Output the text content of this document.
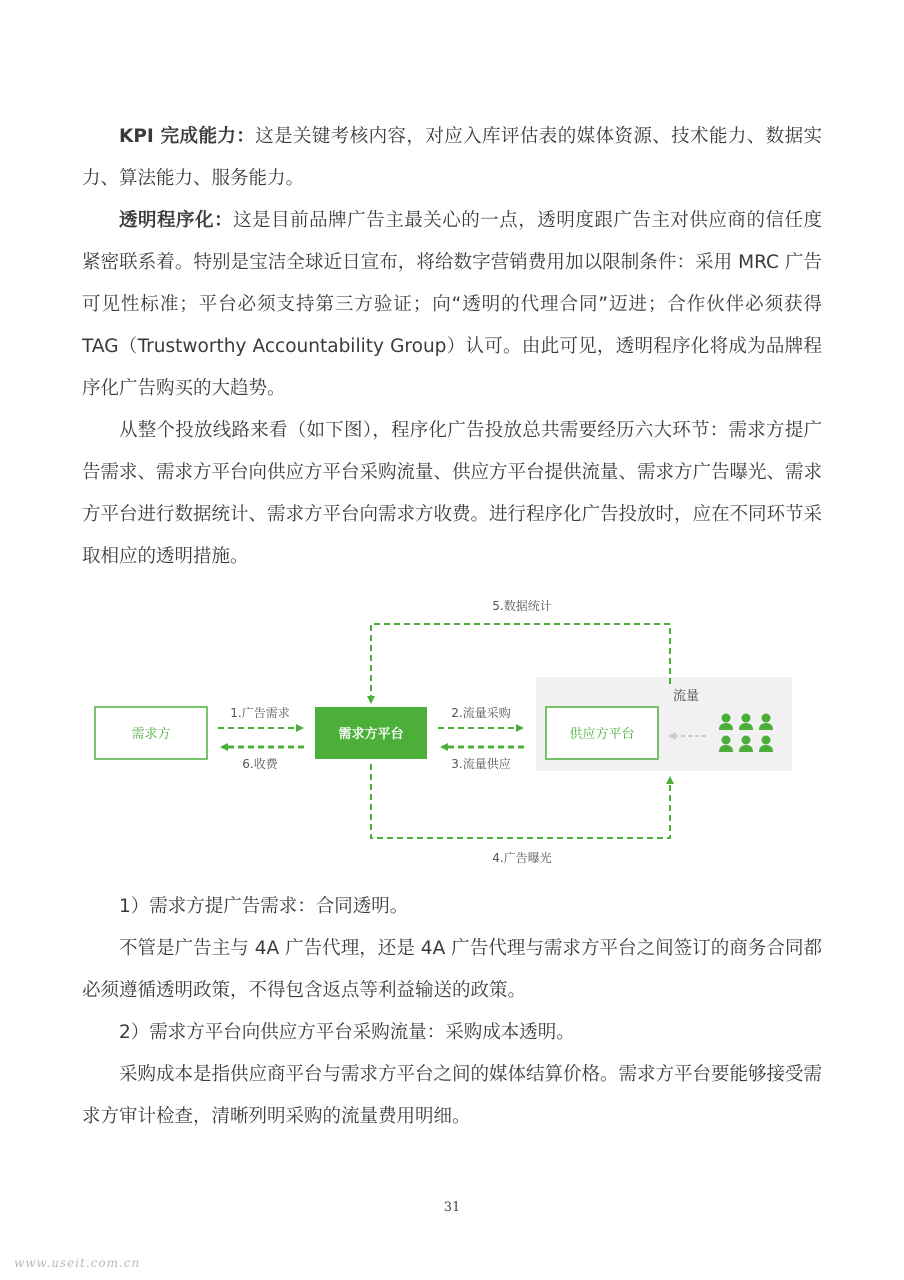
KPI 完成能力：这是关键考核内容，对应入库评估表的媒体资源、技术能力、数据实力、算法能力、服务能力。

透明程序化：这是目前品牌广告主最关心的一点，透明度跟广告主对供应商的信任度紧密联系着。特别是宝洁全球近日宣布，将给数字营销费用加以限制条件：采用 MRC 广告可见性标准；平台必须支持第三方验证；向“透明的代理合同”迈进；合作伙伴必须获得 TAG（Trustworthy Accountability Group）认可。由此可见，透明程序化将成为品牌程序化广告购买的大趋势。

从整个投放线路来看（如下图），程序化广告投放总共需要经历六大环节：需求方提广告需求、需求方平台向供应方平台采购流量、供应方平台提供流量、需求方广告曝光、需求方平台进行数据统计、需求方平台向需求方收费。进行程序化广告投放时，应在不同环节采取相应的透明措施。

需求方	需求方平台	供应方平台
1.广告需求
6.收费
2.流量采购
3.流量供应
5.数据统计
4.广告曝光
流量

1）需求方提广告需求：合同透明。

不管是广告主与 4A 广告代理，还是 4A 广告代理与需求方平台之间签订的商务合同都必须遵循透明政策，不得包含返点等利益输送的政策。

2）需求方平台向供应方平台采购流量：采购成本透明。

采购成本是指供应商平台与需求方平台之间的媒体结算价格。需求方平台要能够接受需求方审计检查，清晰列明采购的流量费用明细。

31
www.useit.com.cn
